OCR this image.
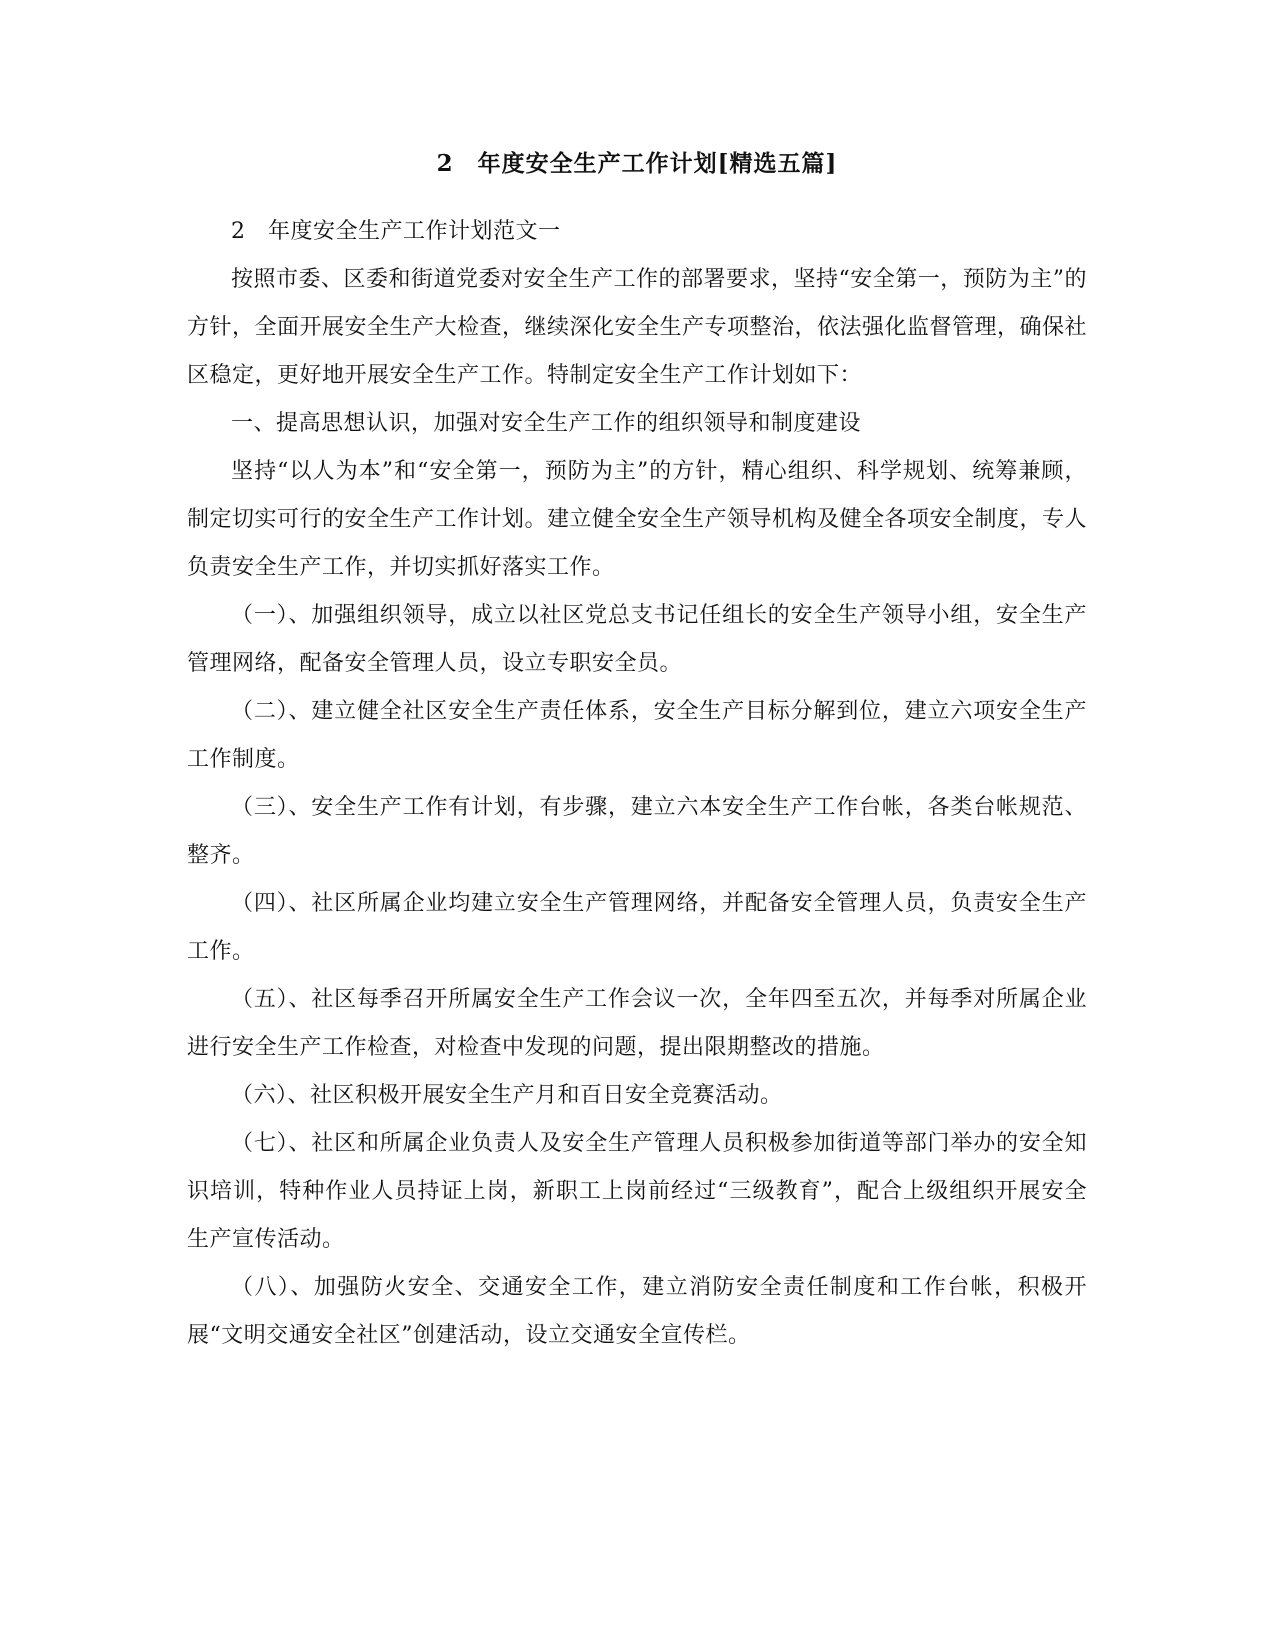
2　年度安全生产工作计划[精选五篇]

2　年度安全生产工作计划范文一

按照市委、区委和街道党委对安全生产工作的部署要求，坚持“安全第一，预防为主”的方针，全面开展安全生产大检查，继续深化安全生产专项整治，依法强化监督管理，确保社区稳定，更好地开展安全生产工作。特制定安全生产工作计划如下：

一、提高思想认识，加强对安全生产工作的组织领导和制度建设

坚持“以人为本”和“安全第一，预防为主”的方针，精心组织、科学规划、统筹兼顾，制定切实可行的安全生产工作计划。建立健全安全生产领导机构及健全各项安全制度，专人负责安全生产工作，并切实抓好落实工作。

（一）、加强组织领导，成立以社区党总支书记任组长的安全生产领导小组，安全生产管理网络，配备安全管理人员，设立专职安全员。

（二）、建立健全社区安全生产责任体系，安全生产目标分解到位，建立六项安全生产工作制度。

（三）、安全生产工作有计划，有步骤，建立六本安全生产工作台帐，各类台帐规范、整齐。

（四）、社区所属企业均建立安全生产管理网络，并配备安全管理人员，负责安全生产工作。

（五）、社区每季召开所属安全生产工作会议一次，全年四至五次，并每季对所属企业进行安全生产工作检查，对检查中发现的问题，提出限期整改的措施。

（六）、社区积极开展安全生产月和百日安全竞赛活动。

（七）、社区和所属企业负责人及安全生产管理人员积极参加街道等部门举办的安全知识培训，特种作业人员持证上岗，新职工上岗前经过“三级教育”，配合上级组织开展安全生产宣传活动。

（八）、加强防火安全、交通安全工作，建立消防安全责任制度和工作台帐，积极开展“文明交通安全社区”创建活动，设立交通安全宣传栏。
